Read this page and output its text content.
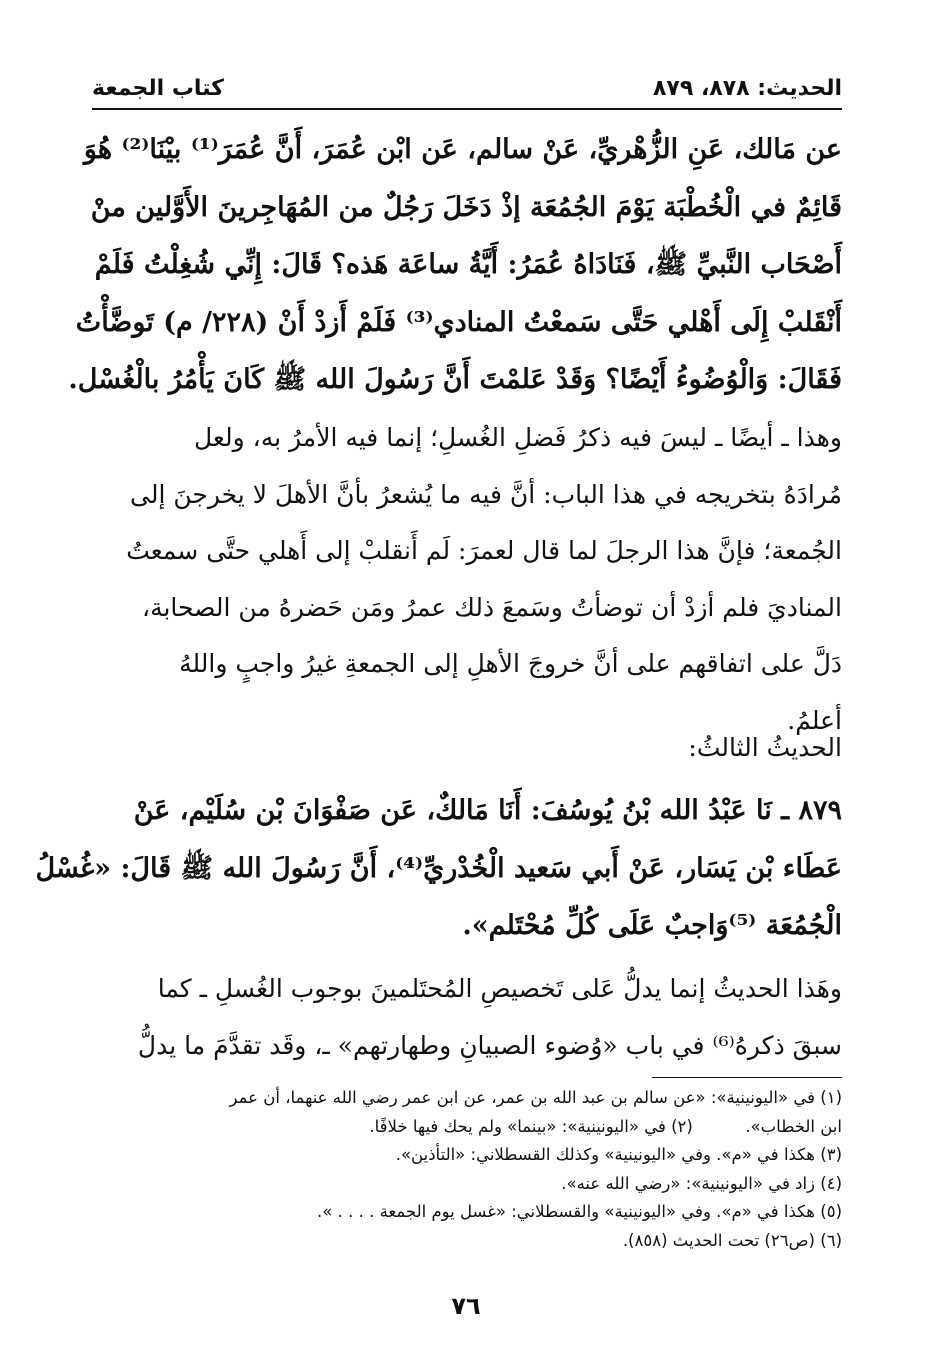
الحديث: ٨٧٨، ٨٧٩
كتاب الجمعة
عن مَالك، عَنِ الزُّهْريِّ، عَنْ سالم، عَن ابْن عُمَرَ، أَنَّ عُمَرَ⁽¹⁾ بيْنَا⁽²⁾ هُوَ
قَائِمٌ في الْخُطْبَة يَوْمَ الجُمُعَة إذْ دَخَلَ رَجُلٌ من المُهَاجِرينَ الأَوَّلين منْ
أَصْحَاب النَّبيِّ ﷺ، فَنَادَاهُ عُمَرُ: أَيَّةُ ساعَة هَذه؟ قَالَ: إِنِّي شُغِلْتُ فَلَمْ
أَنْقَلبْ إِلَى أَهْلي حَتَّى سَمعْتُ المنادي⁽³⁾ فَلَمْ أَزدْ أَنْ (٢٢٨/ م) تَوضَّأْتُ
فَقَالَ: وَالْوُضُوءُ أَيْضًا؟ وَقَدْ عَلمْتَ أَنَّ رَسُولَ الله ﷺ كَانَ يَأْمُرُ بالْغُسْل.
وهذا ـ أيضًا ـ ليسَ فيه ذكرُ فَضلِ الغُسلِ؛ إنما فيه الأمرُ به، ولعل
مُرادَهُ بتخريجه في هذا الباب: أنَّ فيه ما يُشعرُ بأنَّ الأهلَ لا يخرجنَ إلى
الجُمعة؛ فإنَّ هذا الرجلَ لما قال لعمرَ: لَم أَنقلبْ إلى أَهلي حتَّى سمعتُ
المناديَ فلم أزدْ أن توضأتُ وسَمعَ ذلك عمرُ ومَن حَضرهُ من الصحابة،
دَلَّ على اتفاقهم على أنَّ خروجَ الأهلِ إلى الجمعةِ غيرُ واجبٍ واللهُ
أعلمُ.
الحديثُ الثالثُ:
٨٧٩ ـ نَا عَبْدُ الله بْنُ يُوسُفَ: أَنَا مَالكٌ، عَن صَفْوَانَ بْن سُلَيْم، عَنْ
عَطَاء بْن يَسَار، عَنْ أَبي سَعيد الْخُدْريِّ⁽⁴⁾، أَنَّ رَسُولَ الله ﷺ قَالَ: «غُسْلُ
الْجُمُعَة ⁽⁵⁾وَاجبٌ عَلَى كُلِّ مُحْتَلم».
وهَذا الحديثُ إنما يدلُّ عَلى تَخصيصِ المُحتَلمينَ بوجوب الغُسلِ ـ كما
سبقَ ذكرهُ⁽⁶⁾ في باب «وُضوء الصبيانِ وطهارتهم» ـ، وقَد تقدَّمَ ما يدلُّ
(١) في «اليونينية»: «عن سالم بن عبد الله بن عمر، عن ابن عمر رضي الله عنهما، أن عمر
ابن الخطاب».          (٢) في «اليونينية»: «بينما» ولم يحك فيها خلافًا.
(٣) هكذا في «م». وفي «اليونينية» وكذلك القسطلاني: «التأذين».
(٤) زاد في «اليونينية»: «رضي الله عنه».
(٥) هكذا في «م». وفي «اليونينية» والقسطلاني: «غسل يوم الجمعة . . . . ».
(٦) (ص٢٦) تحت الحديث (٨٥٨).
٧٦
